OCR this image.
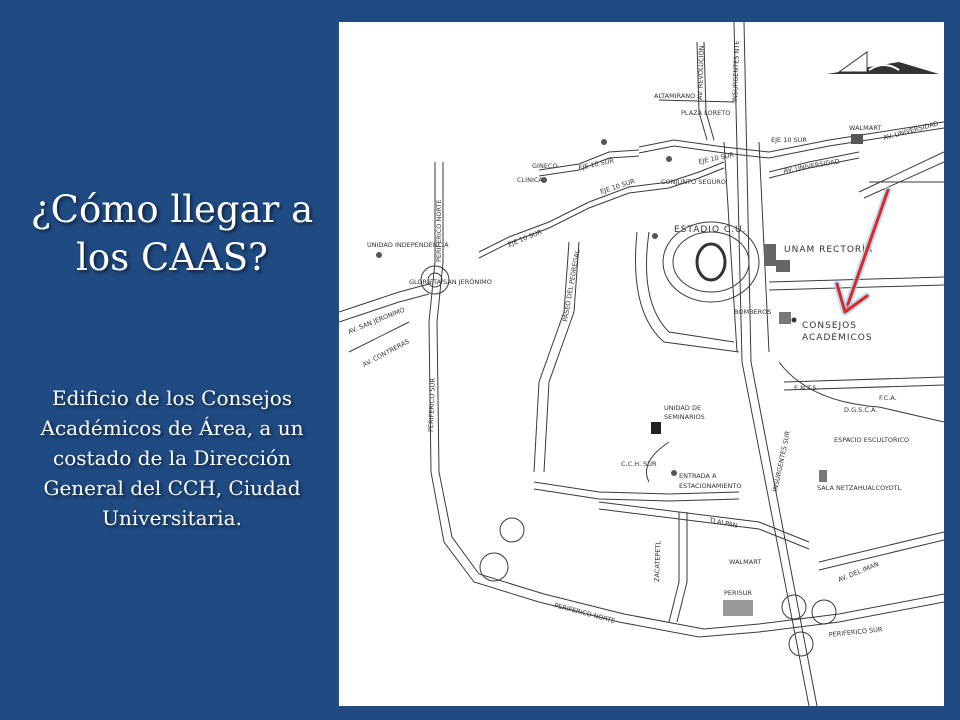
¿Cómo llegar a los CAAS?
Edificio de los Consejos Académicos de Área, a un costado de la Dirección General del CCH, Ciudad Universitaria.
ALTAMIRANO
PLAZA LORETO
AV. REVOLUCIÓN	INSURGENTES NTE
EJE 10 SUR
WALMART AV. UNIVERSIDAD
AV. UNIVERSIDAD
EJE 10 SUR
EJE 10 SUR
EJE 10 SUR
EJE 10 SUR
GINECO
CLINICA	CONJUNTO SEGURO
PERIFERICO NORTE	ESTADIO C.U.
PASEO DEL PEDREGAL	UNAM RECTORÍA
UNIDAD INDEPENDENCIA
GLORIETA SAN JERÓNIMO
AV. SAN JERONIMO
AV. CONTRERAS
BOMBEROS
CONSEJOS
ACADÉMICOS
E.N.T.S.
F.C.A.
D.G.S.C.A.
ESPACIO ESCULTORICO
UNIDAD DE
SEMINARIOS
C.C.H. SUR
ENTRADA A
ESTACIONAMIENTO	INSURGENTES SUR	SALA NETZAHUALCOYOTL
PERIFERICO SUR
WALMART	AV. DEL IMAN
TLALPAN
ZACATEPETL
PERISUR
PERIFERICO NORTE
PERIFERICO SUR
